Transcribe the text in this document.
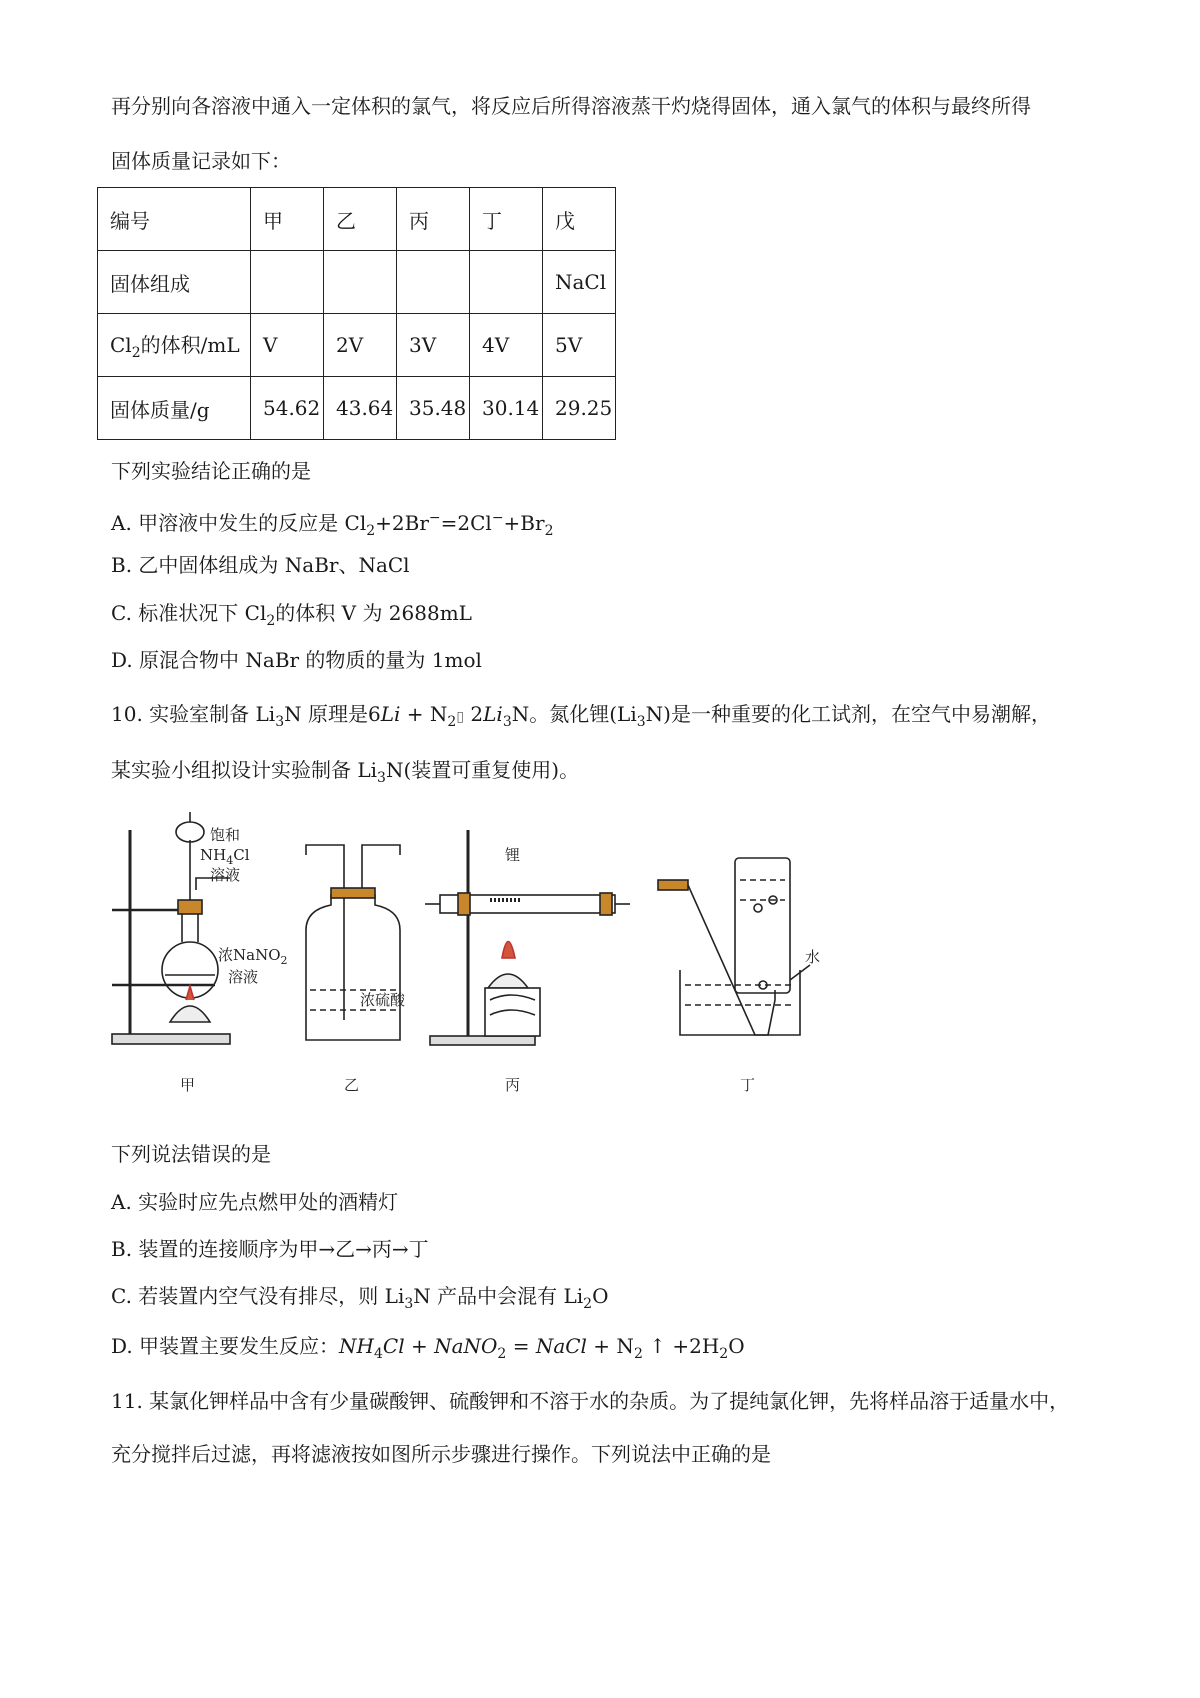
再分别向各溶液中通入一定体积的氯气，将反应后所得溶液蒸干灼烧得固体，通入氯气的体积与最终所得
固体质量记录如下：
编号	甲	乙	丙	丁	戊
固体组成					NaCl
$Cl_2$的体积/mL	V	2V	3V	4V	5V
固体质量/g	54.62	43.64	35.48	30.14	29.25
下列实验结论正确的是
A. 甲溶液中发生的反应是 $Cl_2+2Br^-=2Cl^-+Br_2$
B. 乙中固体组成为 NaBr、NaCl
C. 标准状况下 $Cl_2$的体积 V 为 2688mL
D. 原混合物中 NaBr 的物质的量为 1mol
10. 实验室制备 $Li_3N$ 原理是$6Li + N_2▯$ $2Li_3N$。氮化锂$(Li_3N)$是一种重要的化工试剂，在空气中易潮解，
某实验小组拟设计实验制备 $Li_3N$(装置可重复使用)。
饱和
$NH_4Cl$
溶液
浓NaNO$_2$
溶液
甲
浓硫酸
乙
锂
丙
水
丁
下列说法错误的是
A. 实验时应先点燃甲处的酒精灯
B. 装置的连接顺序为甲→乙→丙→丁
C. 若装置内空气没有排尽，则 $Li_3N$ 产品中会混有 $Li_2O$
D. 甲装置主要发生反应：$NH_4Cl$ + NaNO$_2$ = NaCl + $N_2$ ↑ $+2H_2O$
11. 某氯化钾样品中含有少量碳酸钾、硫酸钾和不溶于水的杂质。为了提纯氯化钾，先将样品溶于适量水中，
充分搅拌后过滤，再将滤液按如图所示步骤进行操作。下列说法中正确的是
